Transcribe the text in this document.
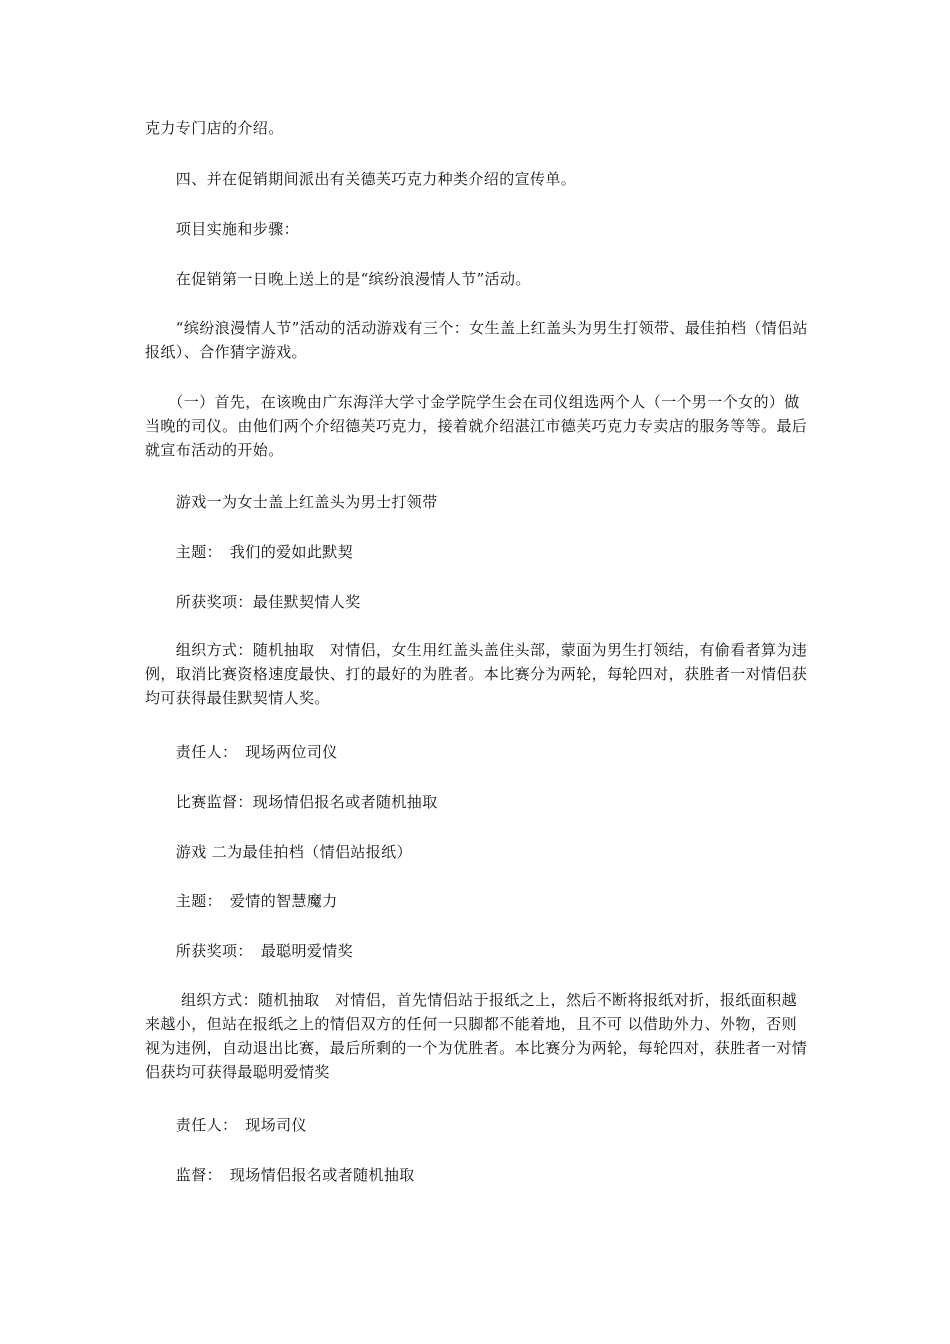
克力专门店的介绍。

　　四、并在促销期间派出有关德芙巧克力种类介绍的宣传单。

　　项目实施和步骤：

　　在促销第一日晚上送上的是“缤纷浪漫情人节”活动。

　　“缤纷浪漫情人节”活动的活动游戏有三个：女生盖上红盖头为男生打领带、最佳拍档（情侣站报纸）、合作猜字游戏。

　　（一）首先，在该晚由广东海洋大学寸金学院学生会在司仪组选两个人（一个男一个女的）做当晚的司仪。由他们两个介绍德芙巧克力，接着就介绍湛江市德芙巧克力专卖店的服务等等。最后就宣布活动的开始。

　　游戏一为女士盖上红盖头为男士打领带

　　主题：　我们的爱如此默契

　　所获奖项：最佳默契情人奖

　　组织方式：随机抽取　对情侣，女生用红盖头盖住头部，蒙面为男生打领结，有偷看者算为违例，取消比赛资格速度最快、打的最好的为胜者。本比赛分为两轮，每轮四对，获胜者一对情侣获均可获得最佳默契情人奖。

　　责任人：　现场两位司仪

　　比赛监督：现场情侣报名或者随机抽取

　　游戏 二为最佳拍档（情侣站报纸）

　　主题：　爱情的智慧魔力

　　所获奖项：　最聪明爱情奖

　　 组织方式：随机抽取　对情侣，首先情侣站于报纸之上，然后不断将报纸对折，报纸面积越来越小，但站在报纸之上的情侣双方的任何一只脚都不能着地，且不可 以借助外力、外物，否则视为违例，自动退出比赛，最后所剩的一个为优胜者。本比赛分为两轮，每轮四对，获胜者一对情侣获均可获得最聪明爱情奖

　　责任人：　现场司仪

　　监督：　现场情侣报名或者随机抽取
